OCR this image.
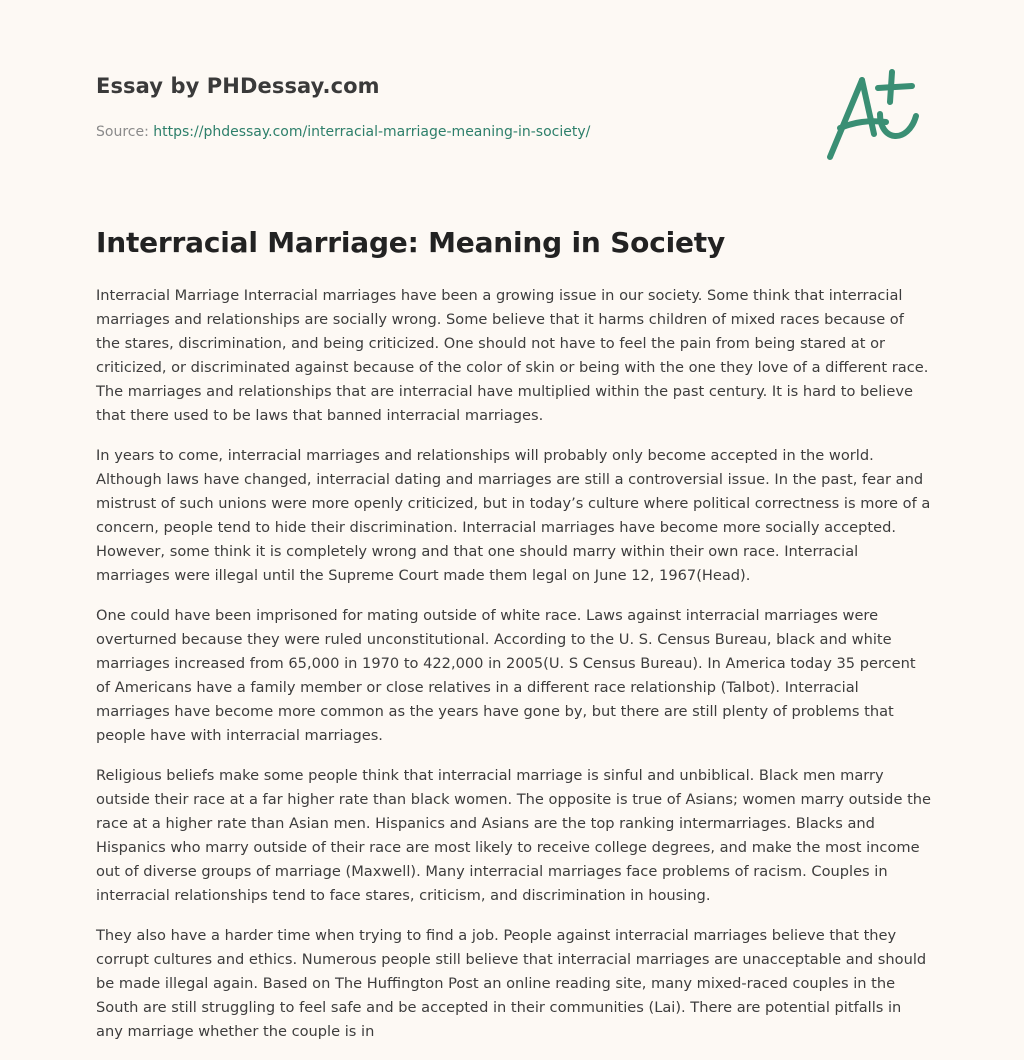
Essay by PHDessay.com
Source: https://phdessay.com/interracial-marriage-meaning-in-society/
Interracial Marriage: Meaning in Society

Interracial Marriage Interracial marriages have been a growing issue in our society. Some think that interracial marriages and relationships are socially wrong. Some believe that it harms children of mixed races because of the stares, discrimination, and being criticized. One should not have to feel the pain from being stared at or criticized, or discriminated against because of the color of skin or being with the one they love of a different race. The marriages and relationships that are interracial have multiplied within the past century. It is hard to believe that there used to be laws that banned interracial marriages.

In years to come, interracial marriages and relationships will probably only become accepted in the world. Although laws have changed, interracial dating and marriages are still a controversial issue. In the past, fear and mistrust of such unions were more openly criticized, but in today’s culture where political correctness is more of a concern, people tend to hide their discrimination. Interracial marriages have become more socially accepted. However, some think it is completely wrong and that one should marry within their own race. Interracial marriages were illegal until the Supreme Court made them legal on June 12, 1967(Head).

One could have been imprisoned for mating outside of white race. Laws against interracial marriages were overturned because they were ruled unconstitutional. According to the U. S. Census Bureau, black and white marriages increased from 65,000 in 1970 to 422,000 in 2005(U. S Census Bureau). In America today 35 percent of Americans have a family member or close relatives in a different race relationship (Talbot). Interracial marriages have become more common as the years have gone by, but there are still plenty of problems that people have with interracial marriages.

Religious beliefs make some people think that interracial marriage is sinful and unbiblical. Black men marry outside their race at a far higher rate than black women. The opposite is true of Asians; women marry outside the race at a higher rate than Asian men. Hispanics and Asians are the top ranking intermarriages. Blacks and Hispanics who marry outside of their race are most likely to receive college degrees, and make the most income out of diverse groups of marriage (Maxwell). Many interracial marriages face problems of racism. Couples in interracial relationships tend to face stares, criticism, and discrimination in housing.

They also have a harder time when trying to find a job. People against interracial marriages believe that they corrupt cultures and ethics. Numerous people still believe that interracial marriages are unacceptable and should be made illegal again. Based on The Huffington Post an online reading site, many mixed-raced couples in the South are still struggling to feel safe and be accepted in their communities (Lai). There are potential pitfalls in any marriage whether the couple is in
